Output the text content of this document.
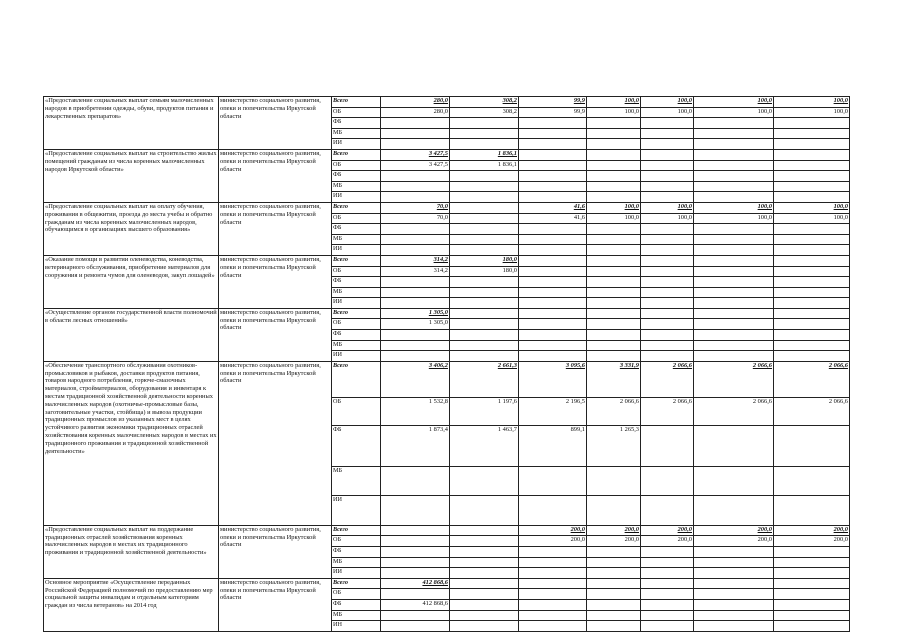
«Предоставление социальных выплат семьям малочисленных народов в приобретении одежды, обуви, продуктов питания и лекарственных препаратов»	министерство социального развития, опеки и попечительства Иркутской области	Всего	280,0	308,2	99,9	100,0	100,0	100,0	100,0
		ОБ	280,0	308,2	99,9	100,0	100,0	100,0	100,0
		ФБ							
		МБ							
		ИИ							
«Предоставление социальных выплат на строительство жилых помещений гражданам из числа коренных малочисленных народов Иркутской области»	министерство социального развития, опеки и попечительства Иркутской области	Всего	3 427,5	1 836,1					
		ОБ	3 427,5	1 836,1					
		ФБ							
		МБ							
		ИИ							
«Предоставление социальных выплат на оплату обучения, проживания в общежитии, проезда до места учебы и обратно гражданам из числа коренных малочисленных народов, обучающимся в организациях высшего образования»	министерство социального развития, опеки и попечительства Иркутской области	Всего	70,0		41,6	100,0	100,0	100,0	100,0
		ОБ	70,0		41,6	100,0	100,0	100,0	100,0
		ФБ							
		МБ							
		ИИ							
«Оказание помощи в развитии оленеводства, коневодства, ветеринарного обслуживания, приобретение материалов для сооружения и ремонта чумов для оленеводов, закуп лошадей»	министерство социального развития, опеки и попечительства Иркутской области	Всего	314,2	180,0					
		ОБ	314,2	180,0					
		ФБ							
		МБ							
		ИИ							
«Осуществление органом государственной власти полномочий в области лесных отношений»	министерство социального развития, опеки и попечительства Иркутской области	Всего	1 305,0						
		ОБ	1 305,0						
		ФБ							
		МБ							
		ИИ							
«Обеспечение транспортного обслуживания охотников-промысловиков и рыбаков, доставки продуктов питания, товаров народного потребления, горюче-смазочных материалов, стройматериалов, оборудования и инвентаря к местам традиционной хозяйственной деятельности коренных малочисленных народов (охотничье-промысловые базы, заготовительные участки, стойбища) и вывоза продукции традиционных промыслов из указанных мест в целях устойчивого развития экономики традиционных отраслей хозяйствования коренных малочисленных народов в местах их традиционного проживания и традиционной хозяйственной деятельности»	министерство социального развития, опеки и попечительства Иркутской области	Всего	3 406,2	2 661,3	3 095,6	3 331,9	2 066,6	2 066,6	2 066,6
		ОБ	1 532,8	1 197,6	2 196,5	2 066,6	2 066,6	2 066,6	2 066,6
		ФБ	1 873,4	1 463,7	899,1	1 265,3			
		МБ							
		ИИ							
«Предоставление социальных выплат на поддержание традиционных отраслей хозяйствования коренных малочисленных народов в местах их традиционного проживания и традиционной хозяйственной деятельности»	министерство социального развития, опеки и попечительства Иркутской области	Всего			200,0	200,0	200,0	200,0	200,0
		ОБ			200,0	200,0	200,0	200,0	200,0
		ФБ							
		МБ							
		ИИ							
Основное мероприятие «Осуществление переданных Российской Федерацией полномочий по предоставлению мер социальной защиты инвалидам и отдельным категориям граждан из числа ветеранов» на 2014 год	министерство социального развития, опеки и попечительства Иркутской области	Всего	412 868,6						
		ОБ							
		ФБ	412 868,6						
		МБ							
		ИН							
